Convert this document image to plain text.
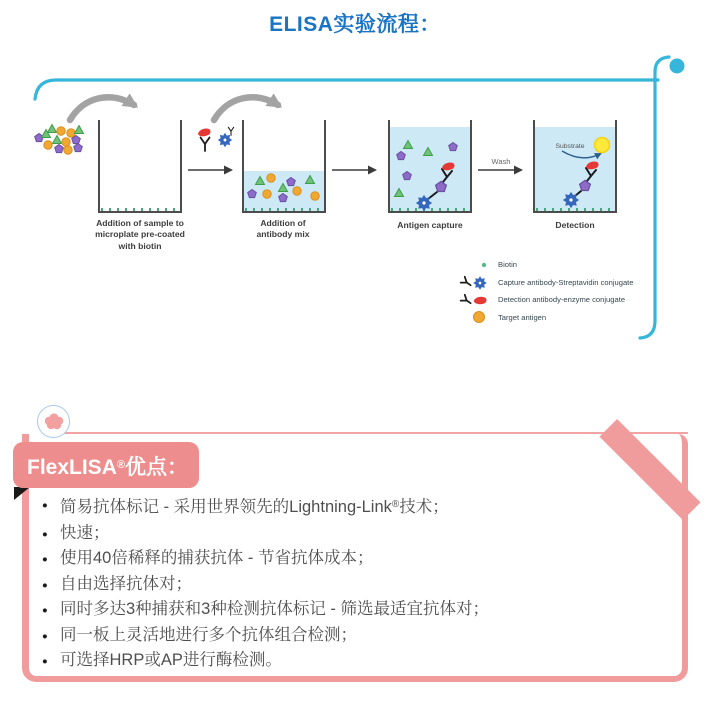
ELISA实验流程：
Addition of sample to
microplate pre-coated
with biotin
Addition of
antibody mix
Antigen capture	Detection
Wash
Substrate
Biotin
Capture antibody-Streptavidin conjugate
Detection antibody-enzyme conjugate
Target antigen
FlexLISA®优点：
● 简易抗体标记 - 采用世界领先的Lightning-Link®技术；
● 快速；
● 使用40倍稀释的捕获抗体 - 节省抗体成本；
● 自由选择抗体对；
● 同时多达3种捕获和3种检测抗体标记 - 筛选最适宜抗体对；
● 同一板上灵活地进行多个抗体组合检测；
● 可选择HRP或AP进行酶检测。
